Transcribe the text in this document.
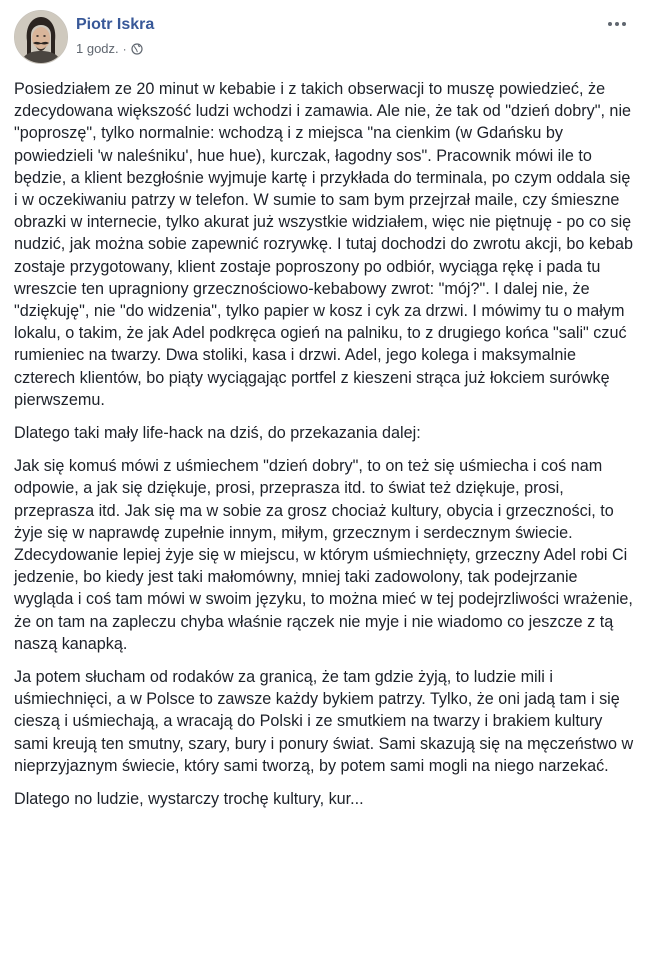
Piotr Iskra
1 godz. ·

Posiedziałem ze 20 minut w kebabie i z takich obserwacji to muszę powiedzieć, że zdecydowana większość ludzi wchodzi i zamawia. Ale nie, że tak od "dzień dobry", nie "poproszę", tylko normalnie: wchodzą i z miejsca "na cienkim (w Gdańsku by powiedzieli 'w naleśniku', hue hue), kurczak, łagodny sos". Pracownik mówi ile to będzie, a klient bezgłośnie wyjmuje kartę i przykłada do terminala, po czym oddala się i w oczekiwaniu patrzy w telefon. W sumie to sam bym przejrzał maile, czy śmieszne obrazki w internecie, tylko akurat już wszystkie widziałem, więc nie piętnuję - po co się nudzić, jak można sobie zapewnić rozrywkę. I tutaj dochodzi do zwrotu akcji, bo kebab zostaje przygotowany, klient zostaje poproszony po odbiór, wyciąga rękę i pada tu wreszcie ten upragniony grzecznościowo-kebabowy zwrot: "mój?". I dalej nie, że "dziękuję", nie "do widzenia", tylko papier w kosz i cyk za drzwi. I mówimy tu o małym lokalu, o takim, że jak Adel podkręca ogień na palniku, to z drugiego końca "sali" czuć rumieniec na twarzy. Dwa stoliki, kasa i drzwi. Adel, jego kolega i maksymalnie czterech klientów, bo piąty wyciągając portfel z kieszeni strąca już łokciem surówkę pierwszemu.

Dlatego taki mały life-hack na dziś, do przekazania dalej:

Jak się komuś mówi z uśmiechem "dzień dobry", to on też się uśmiecha i coś nam odpowie, a jak się dziękuje, prosi, przeprasza itd. to świat też dziękuje, prosi, przeprasza itd. Jak się ma w sobie za grosz chociaż kultury, obycia i grzeczności, to żyje się w naprawdę zupełnie innym, miłym, grzecznym i serdecznym świecie. Zdecydowanie lepiej żyje się w miejscu, w którym uśmiechnięty, grzeczny Adel robi Ci jedzenie, bo kiedy jest taki małomówny, mniej taki zadowolony, tak podejrzanie wygląda i coś tam mówi w swoim języku, to można mieć w tej podejrzliwości wrażenie, że on tam na zapleczu chyba właśnie rączek nie myje i nie wiadomo co jeszcze z tą naszą kanapką.

Ja potem słucham od rodaków za granicą, że tam gdzie żyją, to ludzie mili i uśmiechnięci, a w Polsce to zawsze każdy bykiem patrzy. Tylko, że oni jadą tam i się cieszą i uśmiechają, a wracają do Polski i ze smutkiem na twarzy i brakiem kultury sami kreują ten smutny, szary, bury i ponury świat. Sami skazują się na męczeństwo w nieprzyjaznym świecie, który sami tworzą, by potem sami mogli na niego narzekać.

Dlatego no ludzie, wystarczy trochę kultury, kur...
